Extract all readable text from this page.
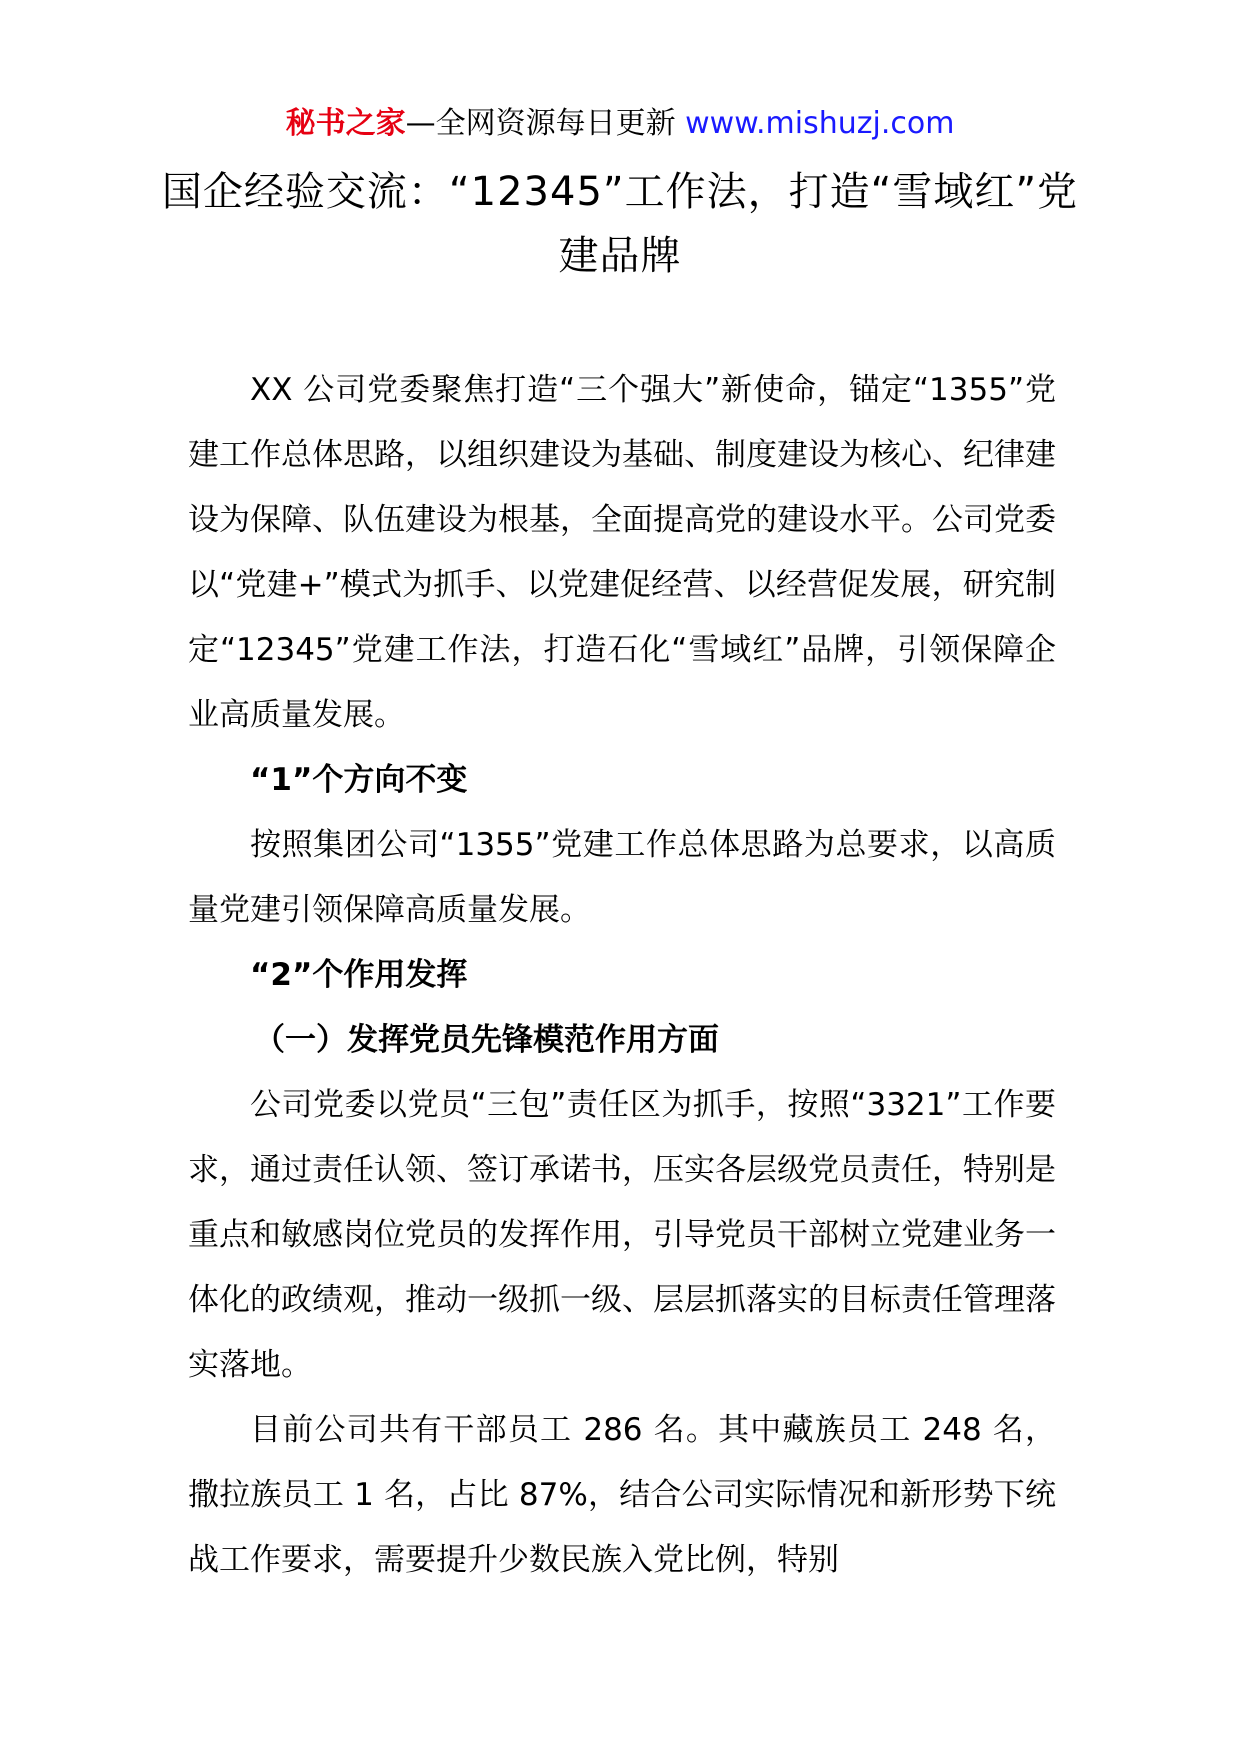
秘书之家—全网资源每日更新 www.mishuzj.com
国企经验交流：“12345”工作法，打造“雪域红”党建品牌

XX 公司党委聚焦打造“三个强大”新使命，锚定“1355”党建工作总体思路，以组织建设为基础、制度建设为核心、纪律建设为保障、队伍建设为根基，全面提高党的建设水平。公司党委以“党建+”模式为抓手、以党建促经营、以经营促发展，研究制定“12345”党建工作法，打造石化“雪域红”品牌，引领保障企业高质量发展。

“1”个方向不变

按照集团公司“1355”党建工作总体思路为总要求，以高质量党建引领保障高质量发展。

“2”个作用发挥

（一）发挥党员先锋模范作用方面

公司党委以党员“三包”责任区为抓手，按照“3321”工作要求，通过责任认领、签订承诺书，压实各层级党员责任，特别是重点和敏感岗位党员的发挥作用，引导党员干部树立党建业务一体化的政绩观，推动一级抓一级、层层抓落实的目标责任管理落实落地。

目前公司共有干部员工 286 名。其中藏族员工 248 名，撒拉族员工 1 名，占比 87%，结合公司实际情况和新形势下统战工作要求，需要提升少数民族入党比例，特别
